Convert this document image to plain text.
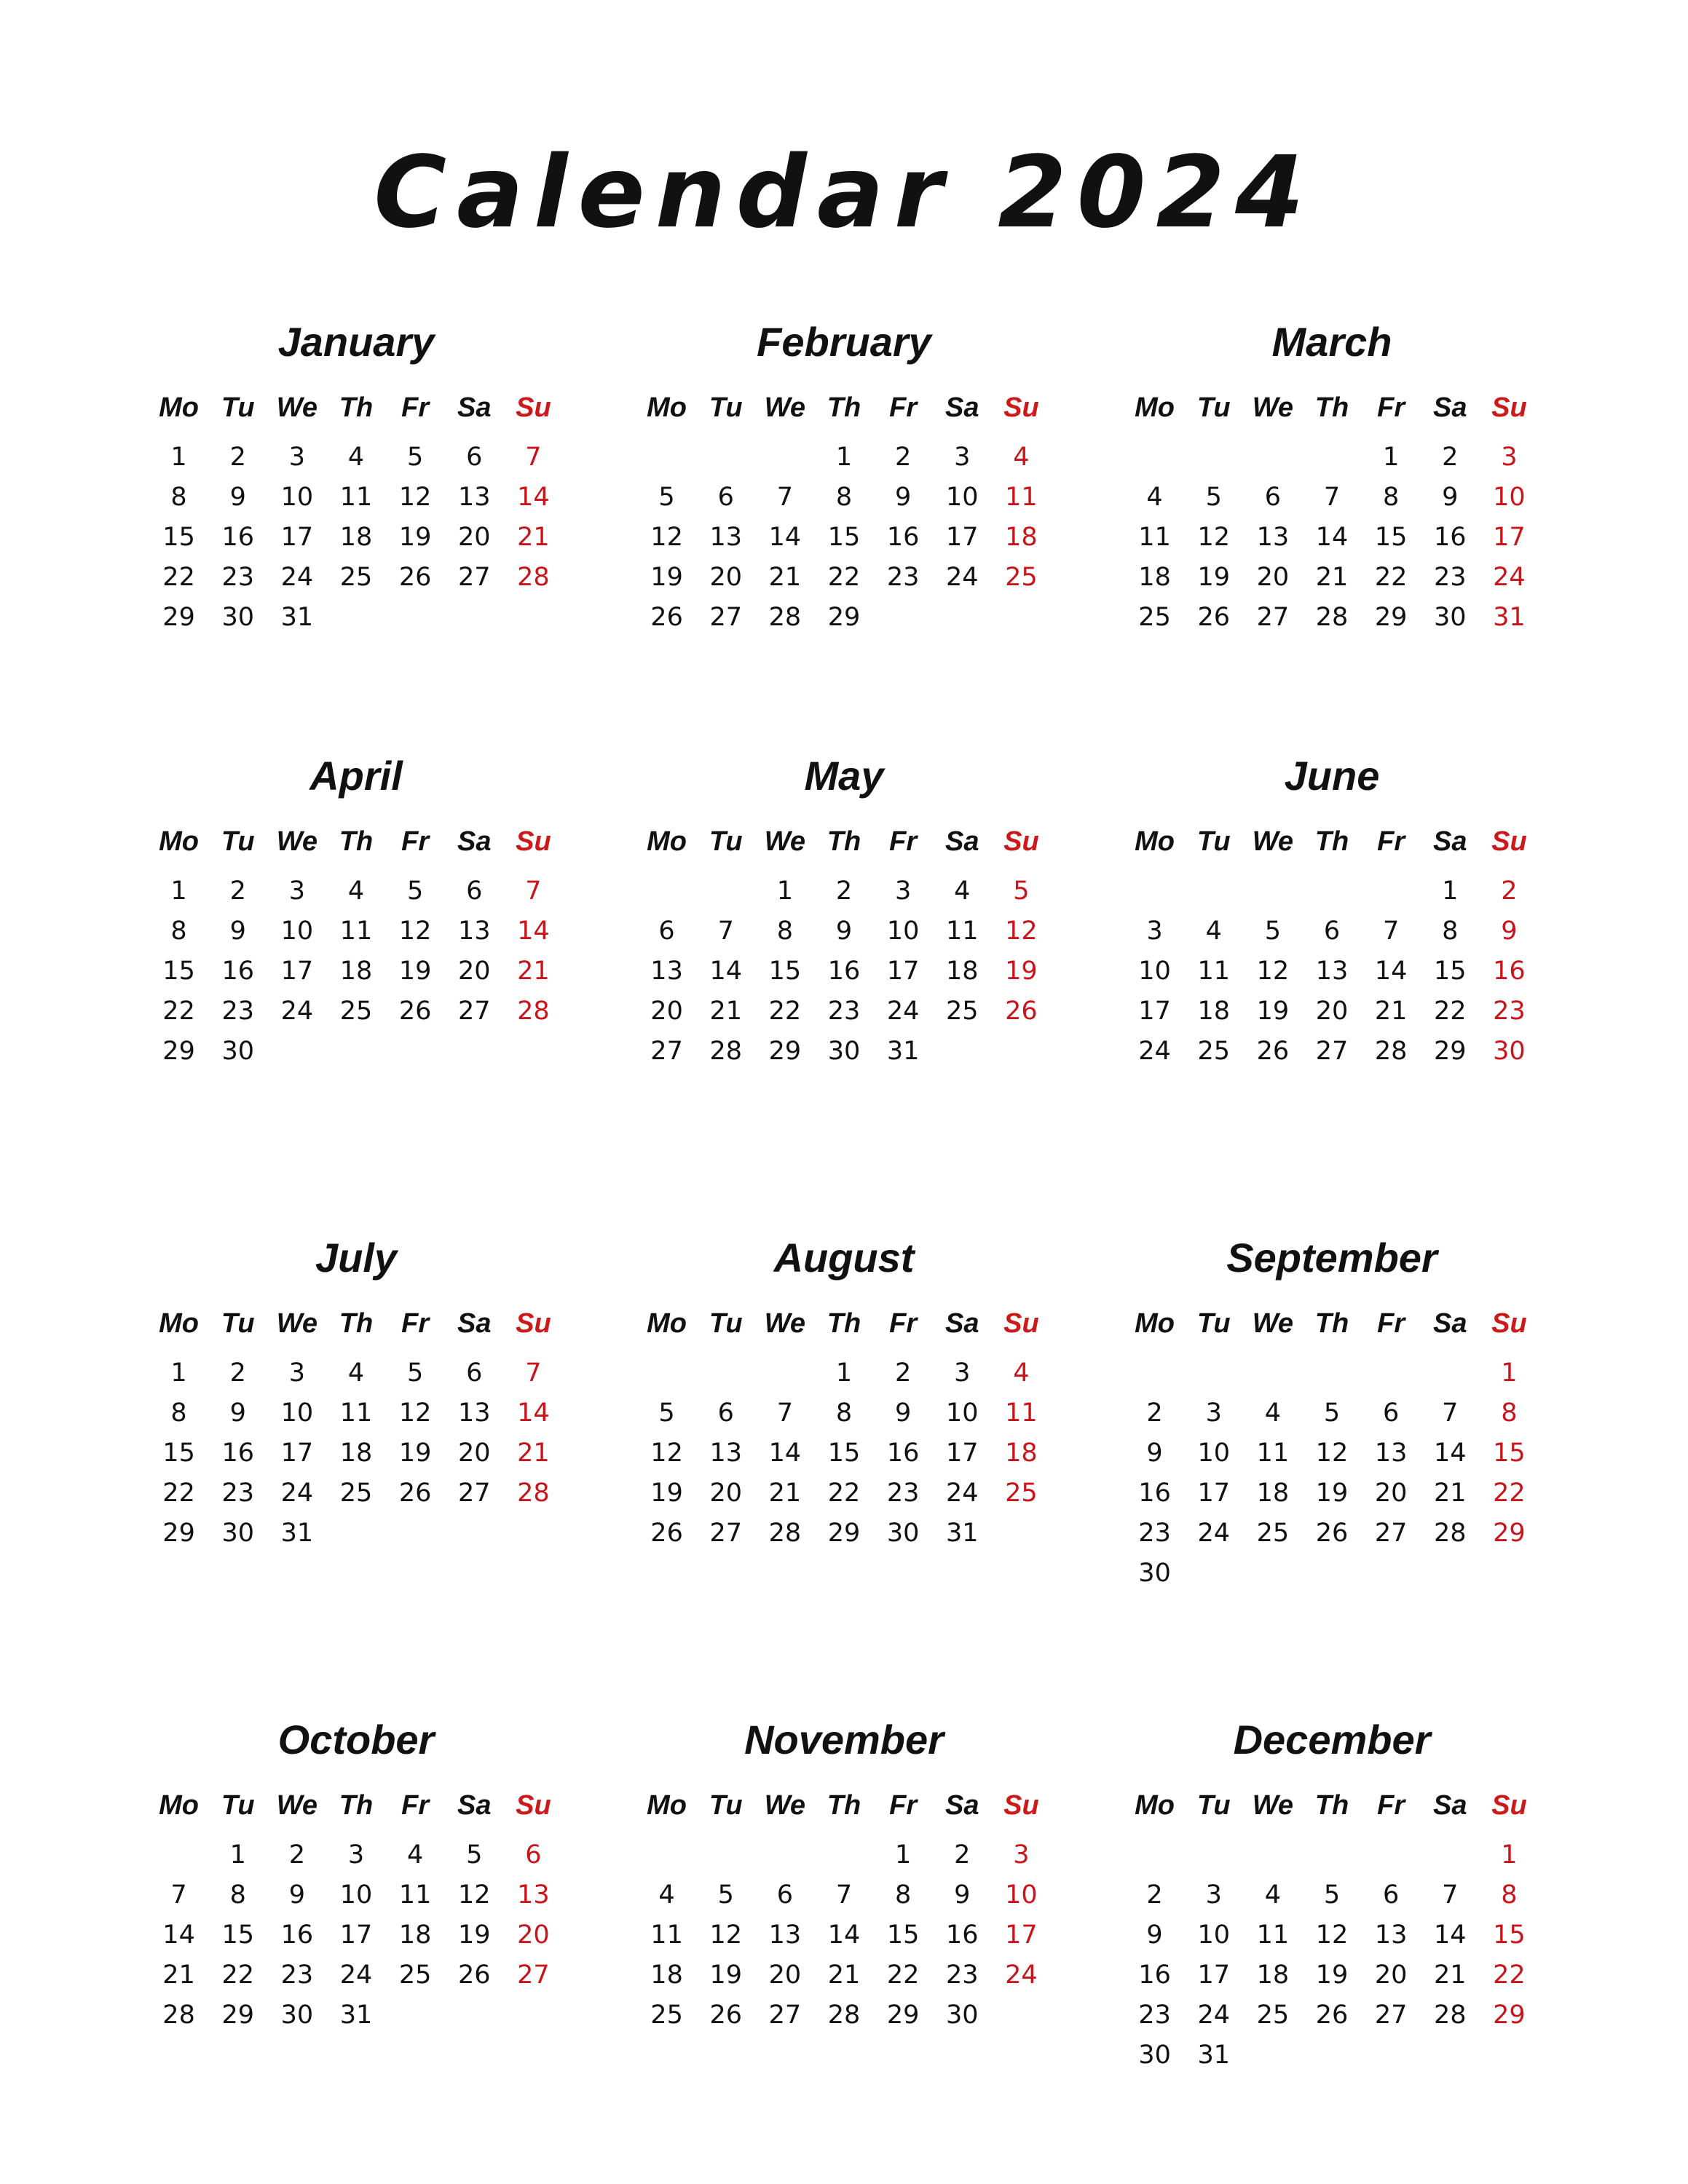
Calendar 2024
January
Mo	Tu	We	Th	Fr	Sa	Su
1	2	3	4	5	6	7
8	9	10	11	12	13	14
15	16	17	18	19	20	21
22	23	24	25	26	27	28
29	30	31				
February
Mo	Tu	We	Th	Fr	Sa	Su
			1	2	3	4
5	6	7	8	9	10	11
12	13	14	15	16	17	18
19	20	21	22	23	24	25
26	27	28	29			
March
Mo	Tu	We	Th	Fr	Sa	Su
				1	2	3
4	5	6	7	8	9	10
11	12	13	14	15	16	17
18	19	20	21	22	23	24
25	26	27	28	29	30	31
April
Mo	Tu	We	Th	Fr	Sa	Su
1	2	3	4	5	6	7
8	9	10	11	12	13	14
15	16	17	18	19	20	21
22	23	24	25	26	27	28
29	30					
May
Mo	Tu	We	Th	Fr	Sa	Su
		1	2	3	4	5
6	7	8	9	10	11	12
13	14	15	16	17	18	19
20	21	22	23	24	25	26
27	28	29	30	31		
June
Mo	Tu	We	Th	Fr	Sa	Su
					1	2
3	4	5	6	7	8	9
10	11	12	13	14	15	16
17	18	19	20	21	22	23
24	25	26	27	28	29	30
July
Mo	Tu	We	Th	Fr	Sa	Su
1	2	3	4	5	6	7
8	9	10	11	12	13	14
15	16	17	18	19	20	21
22	23	24	25	26	27	28
29	30	31				
August
Mo	Tu	We	Th	Fr	Sa	Su
			1	2	3	4
5	6	7	8	9	10	11
12	13	14	15	16	17	18
19	20	21	22	23	24	25
26	27	28	29	30	31	
September
Mo	Tu	We	Th	Fr	Sa	Su
						1
2	3	4	5	6	7	8
9	10	11	12	13	14	15
16	17	18	19	20	21	22
23	24	25	26	27	28	29
30						
October
Mo	Tu	We	Th	Fr	Sa	Su
	1	2	3	4	5	6
7	8	9	10	11	12	13
14	15	16	17	18	19	20
21	22	23	24	25	26	27
28	29	30	31			
November
Mo	Tu	We	Th	Fr	Sa	Su
				1	2	3
4	5	6	7	8	9	10
11	12	13	14	15	16	17
18	19	20	21	22	23	24
25	26	27	28	29	30	
December
Mo	Tu	We	Th	Fr	Sa	Su
						1
2	3	4	5	6	7	8
9	10	11	12	13	14	15
16	17	18	19	20	21	22
23	24	25	26	27	28	29
30	31					
